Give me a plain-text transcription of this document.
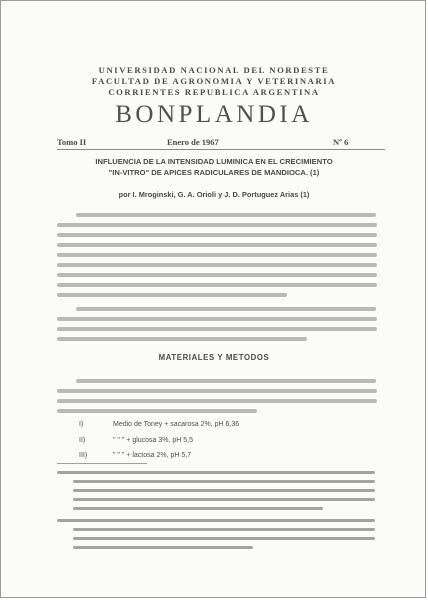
UNIVERSIDAD NACIONAL DEL NORDESTE
FACULTAD DE AGRONOMIA Y VETERINARIA
CORRIENTES REPUBLICA ARGENTINA
BONPLANDIA
Tomo II	Enero de 1967	Nº 6
INFLUENCIA DE LA INTENSIDAD LUMINICA EN EL CRECIMIENTO
"IN-VITRO" DE APICES RADICULARES DE MANDIOCA. (1)
por I. Mroginski, G. A. Orioli y J. D. Portuguez Arias (1)
MATERIALES Y METODOS
I)	Medio de Toney + sacarosa 2%, pH 6,36
II)	" " " + glucosa 3%, pH 5,5
III)	" " " + lactosa 2%, pH 5,7
